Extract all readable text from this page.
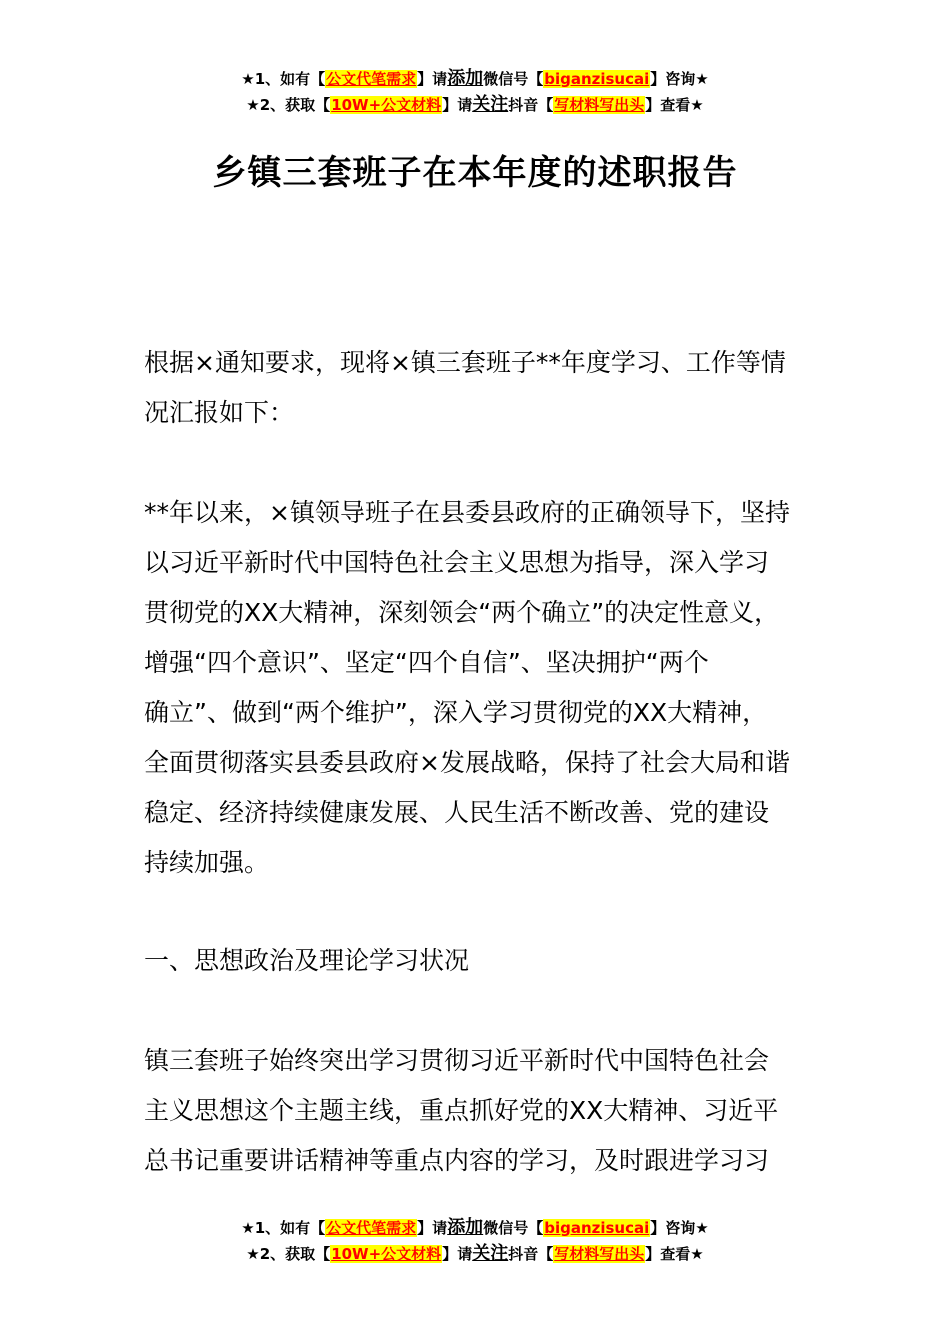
★1、如有【公文代笔需求】请添加微信号【biganzisucai】咨询★
★2、获取【10W+公文材料】请关注抖音【写材料写出头】查看★
乡镇三套班子在本年度的述职报告

根据×通知要求，现将×镇三套班子**年度学习、工作等情
况汇报如下：

**年以来，×镇领导班子在县委县政府的正确领导下，坚持
以习近平新时代中国特色社会主义思想为指导，深入学习
贯彻党的XX大精神，深刻领会“两个确立”的决定性意义，
增强“四个意识”、坚定“四个自信”、坚决拥护“两个
确立”、做到“两个维护”，深入学习贯彻党的XX大精神，
全面贯彻落实县委县政府×发展战略，保持了社会大局和谐
稳定、经济持续健康发展、人民生活不断改善、党的建设
持续加强。

一、思想政治及理论学习状况

镇三套班子始终突出学习贯彻习近平新时代中国特色社会
主义思想这个主题主线，重点抓好党的XX大精神、习近平
总书记重要讲话精神等重点内容的学习，及时跟进学习习

★1、如有【公文代笔需求】请添加微信号【biganzisucai】咨询★
★2、获取【10W+公文材料】请关注抖音【写材料写出头】查看★
